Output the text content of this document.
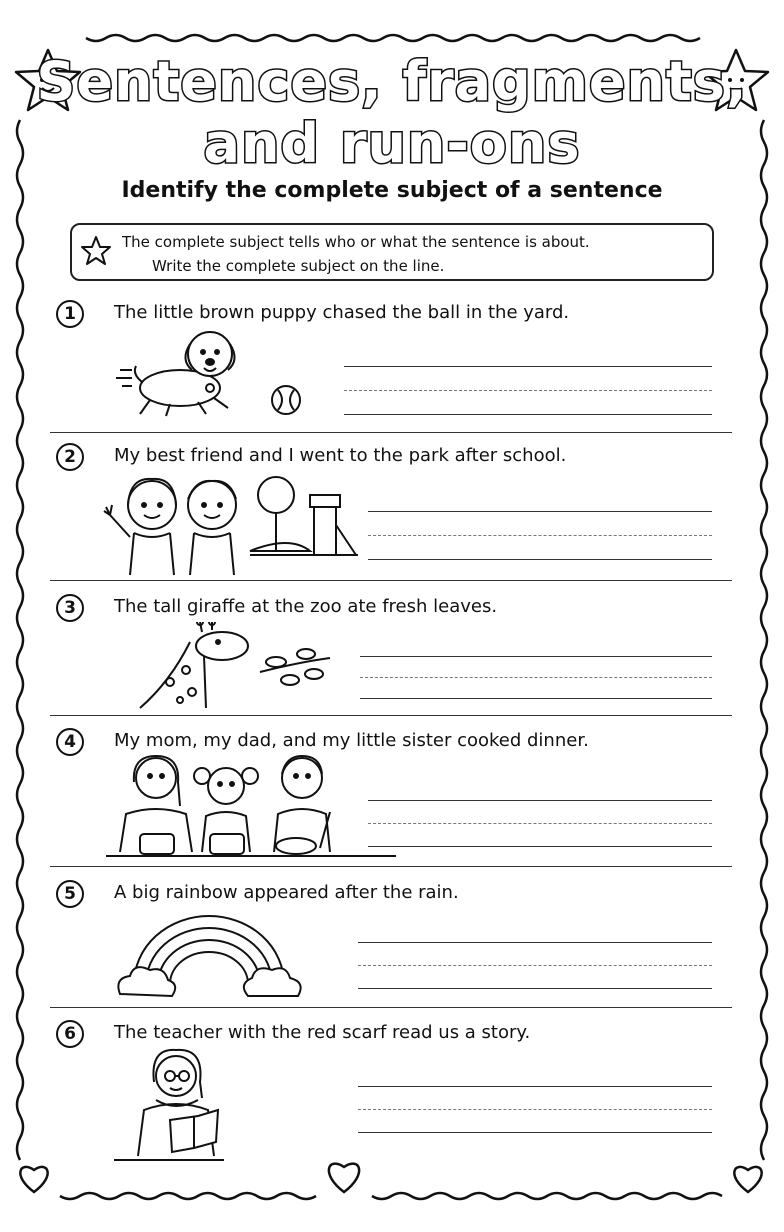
Sentences, fragments,
and run-ons
Identify the complete subject of a sentence
The complete subject tells who or what the sentence is about.
Write the complete subject on the line.
1	The little brown puppy chased the ball in the yard.
2	My best friend and I went to the park after school.
3	The tall giraffe at the zoo ate fresh leaves.
4	My mom, my dad, and my little sister cooked dinner.
5	A big rainbow appeared after the rain.
6	The teacher with the red scarf read us a story.
